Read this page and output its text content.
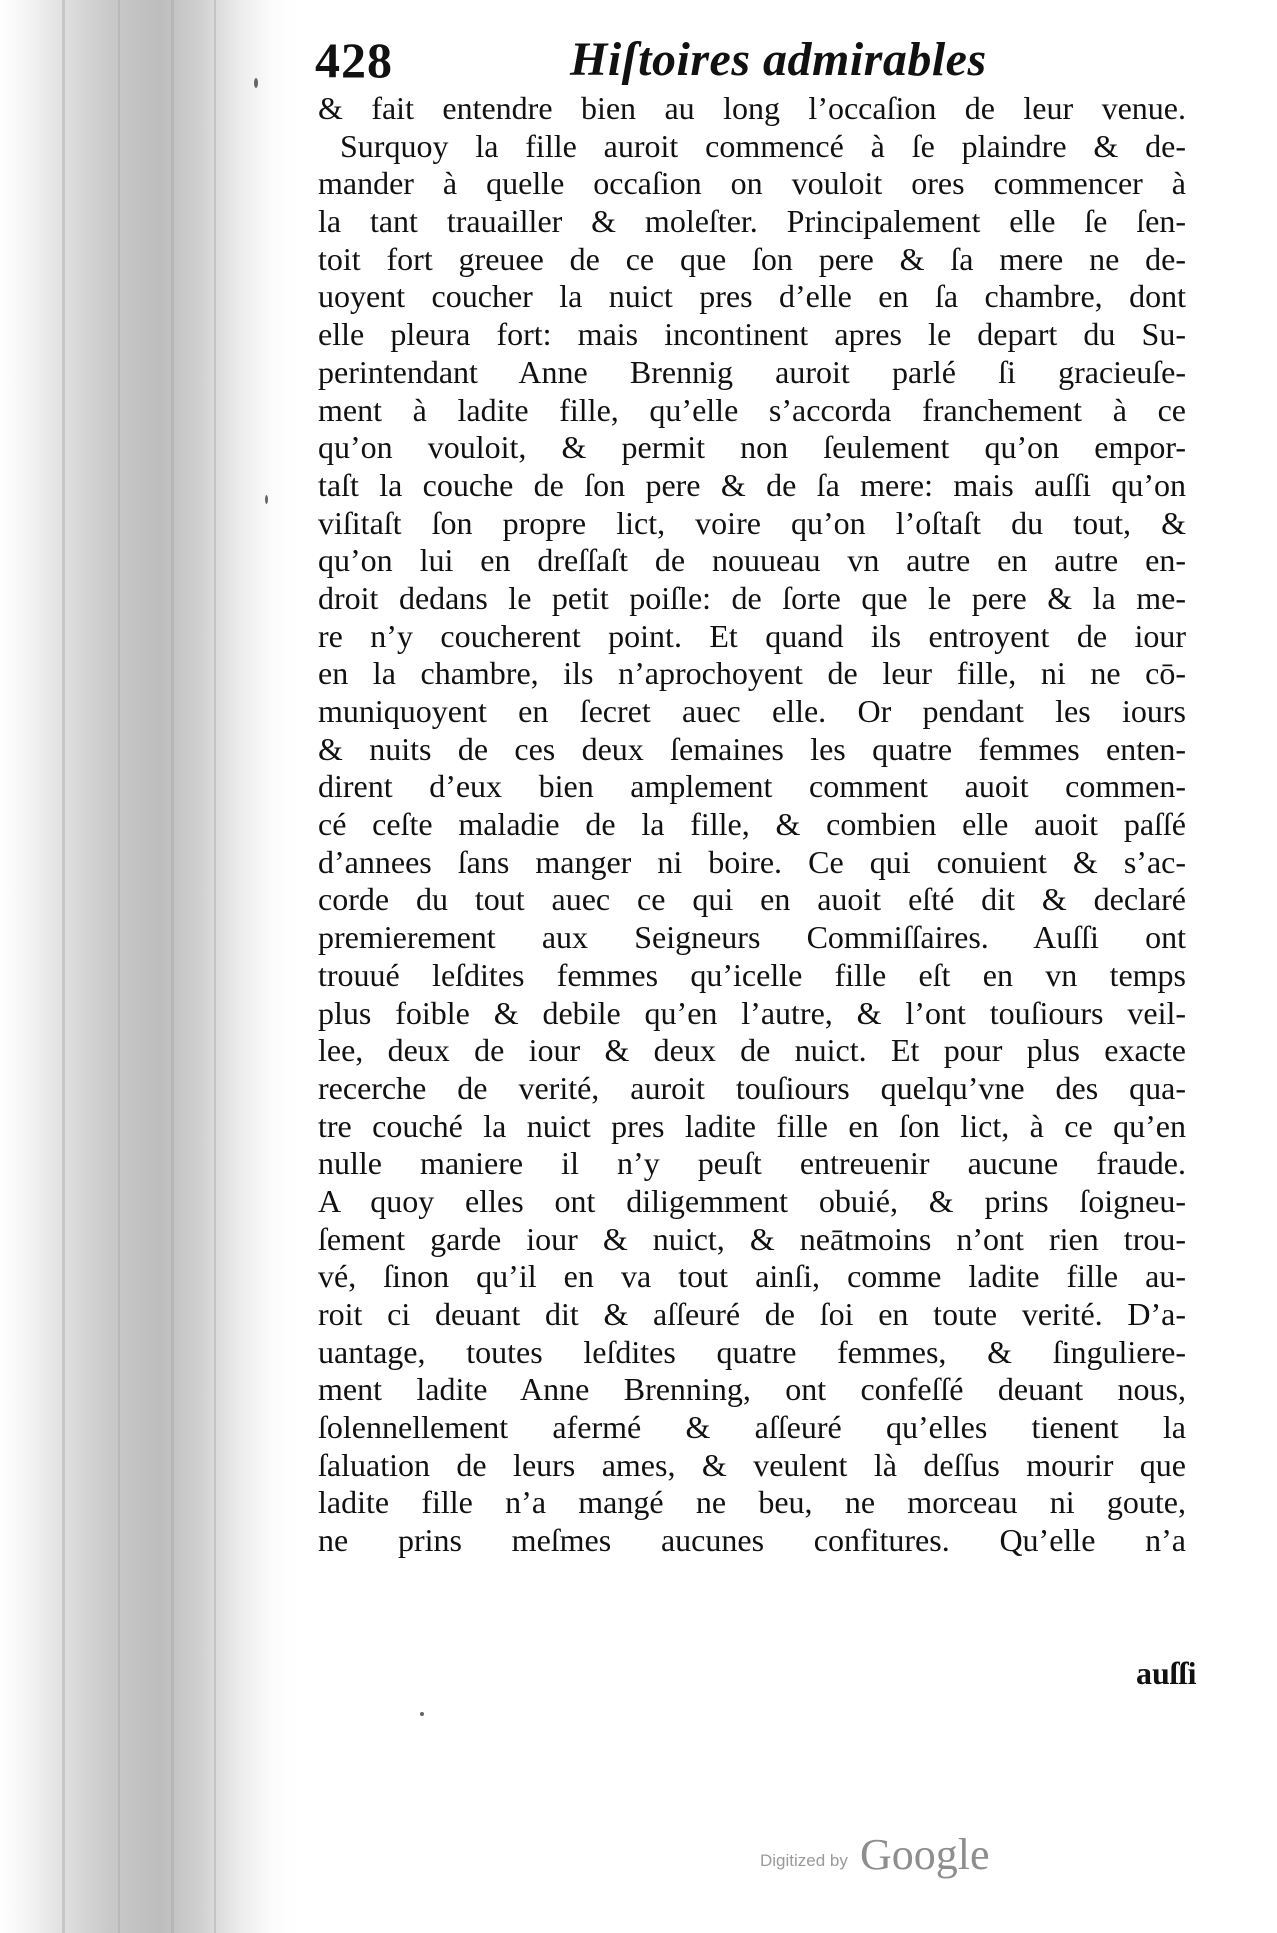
428	Hiſtoires admirables
& fait entendre bien au long l’occaſion de leur venue.
Surquoy la fille auroit commencé à ſe plaindre & de-
mander à quelle occaſion on vouloit ores commencer à
la tant trauailler & moleſter. Principalement elle ſe ſen-
toit fort greuee de ce que ſon pere & ſa mere ne de-
uoyent coucher la nuict pres d’elle en ſa chambre, dont
elle pleura fort: mais incontinent apres le depart du Su-
perintendant Anne Brennig auroit parlé ſi gracieuſe-
ment à ladite fille, qu’elle s’accorda franchement à ce
qu’on vouloit, & permit non ſeulement qu’on empor-
taſt la couche de ſon pere & de ſa mere: mais auſſi qu’on
viſitaſt ſon propre lict, voire qu’on l’oſtaſt du tout, &
qu’on lui en dreſſaſt de nouueau vn autre en autre en-
droit dedans le petit poiſle: de ſorte que le pere & la me-
re n’y coucherent point. Et quand ils entroyent de iour
en la chambre, ils n’aprochoyent de leur fille, ni ne cō-
muniquoyent en ſecret auec elle. Or pendant les iours
& nuits de ces deux ſemaines les quatre femmes enten-
dirent d’eux bien amplement comment auoit commen-
cé ceſte maladie de la fille, & combien elle auoit paſſé
d’annees ſans manger ni boire. Ce qui conuient & s’ac-
corde du tout auec ce qui en auoit eſté dit & declaré
premierement aux Seigneurs Commiſſaires. Auſſi ont
trouué leſdites femmes qu’icelle fille eſt en vn temps
plus foible & debile qu’en l’autre, & l’ont touſiours veil-
lee, deux de iour & deux de nuict. Et pour plus exacte
recerche de verité, auroit touſiours quelqu’vne des qua-
tre couché la nuict pres ladite fille en ſon lict, à ce qu’en
nulle maniere il n’y peuſt entreuenir aucune fraude.
A quoy elles ont diligemment obuié, & prins ſoigneu-
ſement garde iour & nuict, & neātmoins n’ont rien trou-
vé, ſinon qu’il en va tout ainſi, comme ladite fille au-
roit ci deuant dit & aſſeuré de ſoi en toute verité. D’a-
uantage, toutes leſdites quatre femmes, & ſinguliere-
ment ladite Anne Brenning, ont confeſſé deuant nous,
ſolennellement afermé & aſſeuré qu’elles tienent la
ſaluation de leurs ames, & veulent là deſſus mourir que
ladite fille n’a mangé ne beu, ne morceau ni goute,
ne prins meſmes aucunes confitures. Qu’elle n’a
auſſi
Digitized by Google
